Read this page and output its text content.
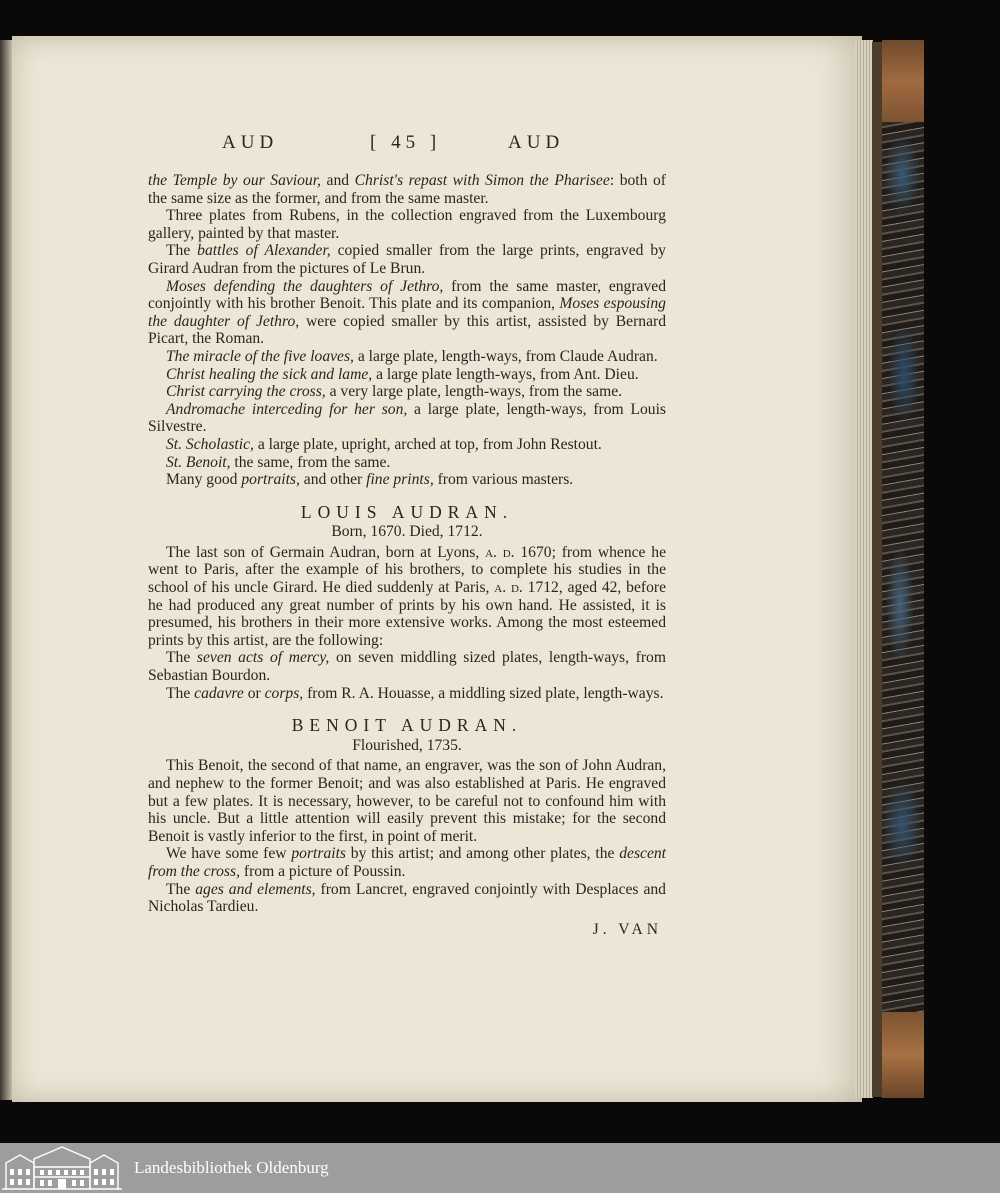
AUD	[ 45 ]	AUD

the Temple by our Saviour, and Christ's repast with Simon the Pharisee: both of the same size as the former, and from the same master.

Three plates from Rubens, in the collection engraved from the Luxembourg gallery, painted by that master.

The battles of Alexander, copied smaller from the large prints, engraved by Girard Audran from the pictures of Le Brun.

Moses defending the daughters of Jethro, from the same master, engraved conjointly with his brother Benoit. This plate and its companion, Moses espousing the daughter of Jethro, were copied smaller by this artist, assisted by Bernard Picart, the Roman.

The miracle of the five loaves, a large plate, length-ways, from Claude Audran.

Christ healing the sick and lame, a large plate length-ways, from Ant. Dieu.

Christ carrying the cross, a very large plate, length-ways, from the same.

Andromache interceding for her son, a large plate, length-ways, from Louis Silvestre.

St. Scholastic, a large plate, upright, arched at top, from John Restout.

St. Benoit, the same, from the same.

Many good portraits, and other fine prints, from various masters.

LOUIS AUDRAN.
Born, 1670. Died, 1712.

The last son of Germain Audran, born at Lyons, a. d. 1670; from whence he went to Paris, after the example of his brothers, to complete his studies in the school of his uncle Girard. He died suddenly at Paris, a. d. 1712, aged 42, before he had produced any great number of prints by his own hand. He assisted, it is presumed, his brothers in their more extensive works. Among the most esteemed prints by this artist, are the following:

The seven acts of mercy, on seven middling sized plates, length-ways, from Sebastian Bourdon.

The cadavre or corps, from R. A. Houasse, a middling sized plate, length-ways.

BENOIT AUDRAN.
Flourished, 1735.

This Benoit, the second of that name, an engraver, was the son of John Audran, and nephew to the former Benoit; and was also established at Paris. He engraved but a few plates. It is necessary, however, to be careful not to confound him with his uncle. But a little attention will easily prevent this mistake; for the second Benoit is vastly inferior to the first, in point of merit.

We have some few portraits by this artist; and among other plates, the descent from the cross, from a picture of Poussin.

The ages and elements, from Lancret, engraved conjointly with Desplaces and Nicholas Tardieu.

J. VAN
Landesbibliothek Oldenburg
